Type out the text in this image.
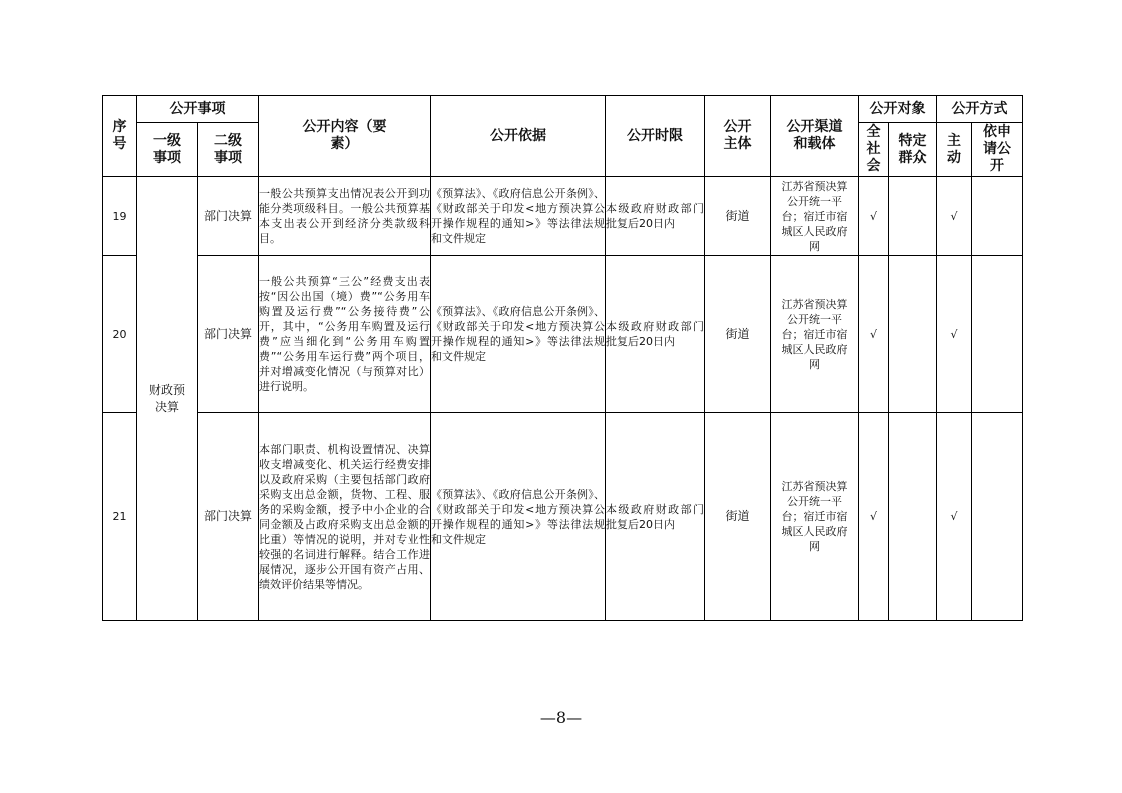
序号	公开事项		公开内容（要素）	公开依据	公开时限	公开主体	公开渠道和载体	公开对象		公开方式	

	一级事项	二级事项						全社会	特定群众	主动	依申请公开

19	财政预决算	部门决算	一般公共预算支出情况表公开到功能分类项级科目。一般公共预算基本支出表公开到经济分类款级科目。	《预算法》、《政府信息公开条例》、《财政部关于印发<地方预决算公开操作规程的通知>》等法律法规和文件规定	本级政府财政部门批复后20日内	街道	江苏省预决算公开统一平台；宿迁市宿城区人民政府网	√		√	
20		部门决算	一般公共预算“三公”经费支出表按“因公出国（境）费”“公务用车购置及运行费”“公务接待费”公开，其中，“公务用车购置及运行费”应当细化到“公务用车购置费”“公务用车运行费”两个项目，并对增减变化情况（与预算对比）进行说明。	《预算法》、《政府信息公开条例》、《财政部关于印发<地方预决算公开操作规程的通知>》等法律法规和文件规定	本级政府财政部门批复后20日内	街道	江苏省预决算公开统一平台；宿迁市宿城区人民政府网	√		√	
21		部门决算	本部门职责、机构设置情况、决算收支增减变化、机关运行经费安排以及政府采购（主要包括部门政府采购支出总金额，货物、工程、服务的采购金额，授予中小企业的合同金额及占政府采购支出总金额的比重）等情况的说明，并对专业性较强的名词进行解释。结合工作进展情况，逐步公开国有资产占用、绩效评价结果等情况。	《预算法》、《政府信息公开条例》、《财政部关于印发<地方预决算公开操作规程的通知>》等法律法规和文件规定	本级政府财政部门批复后20日内	街道	江苏省预决算公开统一平台；宿迁市宿城区人民政府网	√		√	
—8—
